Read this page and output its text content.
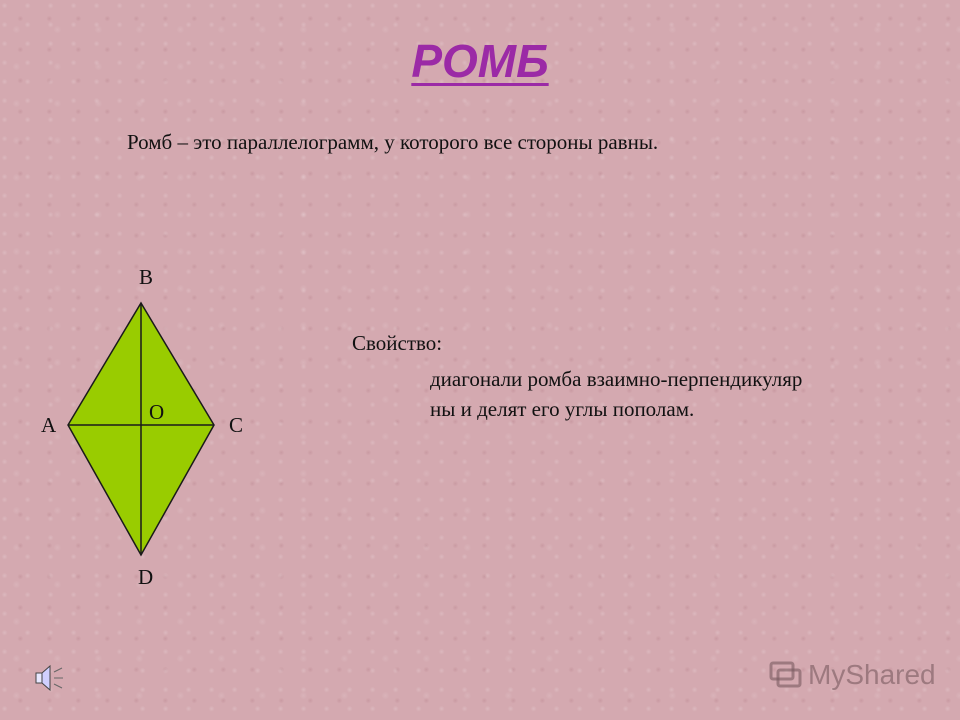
РОМБ
Ромб – это параллелограмм, у которого все стороны равны.
B
A	C
O
D
Свойство:
диагонали ромба взаимно-перпендикуляр
ны и делят его углы пополам.
MyShared
